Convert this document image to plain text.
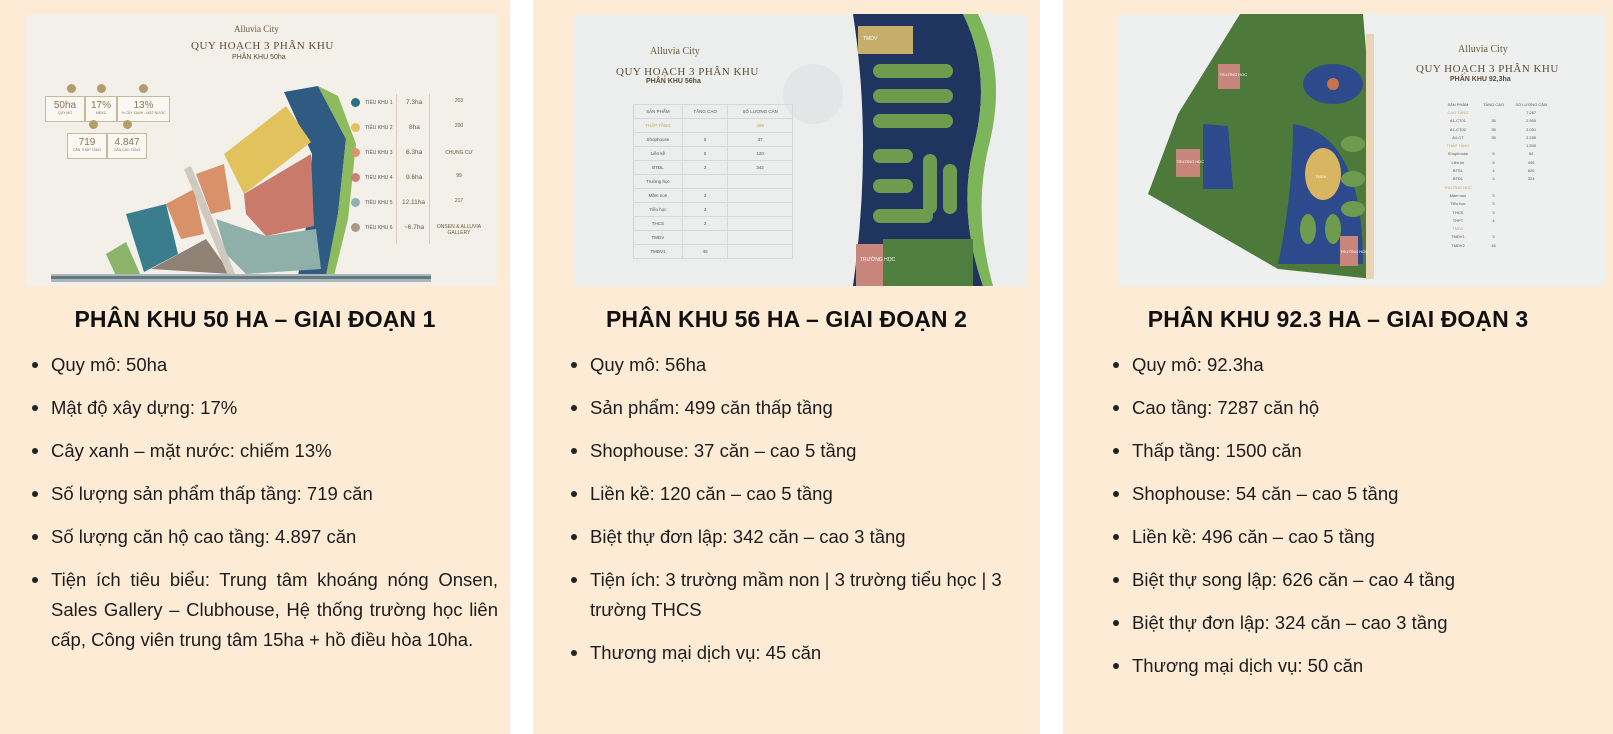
Alluvia City
QUY HOẠCH 3 PHÂN KHU
PHÂN KHU 50ha
50ha
QUY MÔ
17%
MĐXD
13%
% CÂY XANH - MẶT NƯỚC
719
CĂN THẤP TẦNG
4.847
CĂN CAO TẦNG
TIỂU KHU 1 7.3ha	203
TIỂU KHU 2	8ha	200
TIỂU KHU 3 6.3ha	CHUNG CƯ
TIỂU KHU 4 9.6ha	99
TIỂU KHU 5 12.11ha	217
TIỂU KHU 6 ~6.7ha	ONSEN & ALLUVIA GALLERY
PHÂN KHU 50 HA – GIAI ĐOẠN 1
Quy mô: 50ha
Mật độ xây dựng: 17%
Cây xanh – mặt nước: chiếm 13%
Số lượng sản phẩm thấp tầng: 719 căn
Số lượng căn hộ cao tầng: 4.897 căn
Tiện ích tiêu biểu: Trung tâm khoáng nóng Onsen, Sales Gallery – Clubhouse, Hệ thống trường học liên cấp, Công viên trung tâm 15ha + hồ điều hòa 10ha.
Alluvia City
QUY HOẠCH 3 PHÂN KHU
PHÂN KHU 56ha
TMDV
TRƯỜNG HỌC
SẢN PHẨM	TẦNG CAO	SỐ LƯỢNG CĂN
THẤP TẦNG		499
Shophouse	5	37
Liền kề	5	120
BTĐL	3	342
Trường học		
Mầm non	3	
Tiểu học	3	
THCS	3	
TMDV		
TMDV1	45	
PHÂN KHU 56 HA – GIAI ĐOẠN 2
Quy mô: 56ha
Sản phẩm: 499 căn thấp tầng
Shophouse: 37 căn – cao 5 tầng
Liền kề: 120 căn – cao 5 tầng
Biệt thự đơn lập: 342 căn – cao 3 tầng
Tiện ích: 3 trường mầm non | 3 trường tiểu học | 3 trường THCS
Thương mại dịch vụ: 45 căn
Alluvia City
QUY HOẠCH 3 PHÂN KHU
PHÂN KHU 92,3ha
TRƯỜNG HỌC
TRƯỜNG HỌC
TMDV
TRƯỜNG HỌC
SẢN PHẨM	TẦNG CAO	SỐ LƯỢNG CĂN
CAO TẦNG		7.287
A1-CT01	35	2.950
A1-CT02	35	2.051
A4-CT	35	2.285
THẤP TẦNG		1.500
Shophouse	5	54
Liền kề	5	496
BTSL	4	626
BTĐL	3	324
TRƯỜNG HỌC		
Mầm non	3	
Tiểu học	3	
THCS	3	
THPT	4	
TMDV		
TMDV1	3	
TMDV2	45	
PHÂN KHU 92.3 HA – GIAI ĐOẠN 3
Quy mô: 92.3ha
Cao tầng: 7287 căn hộ
Thấp tầng: 1500 căn
Shophouse: 54 căn – cao 5 tầng
Liền kề: 496 căn – cao 5 tầng
Biệt thự song lập: 626 căn – cao 4 tầng
Biệt thự đơn lập: 324 căn – cao 3 tầng
Thương mại dịch vụ: 50 căn
